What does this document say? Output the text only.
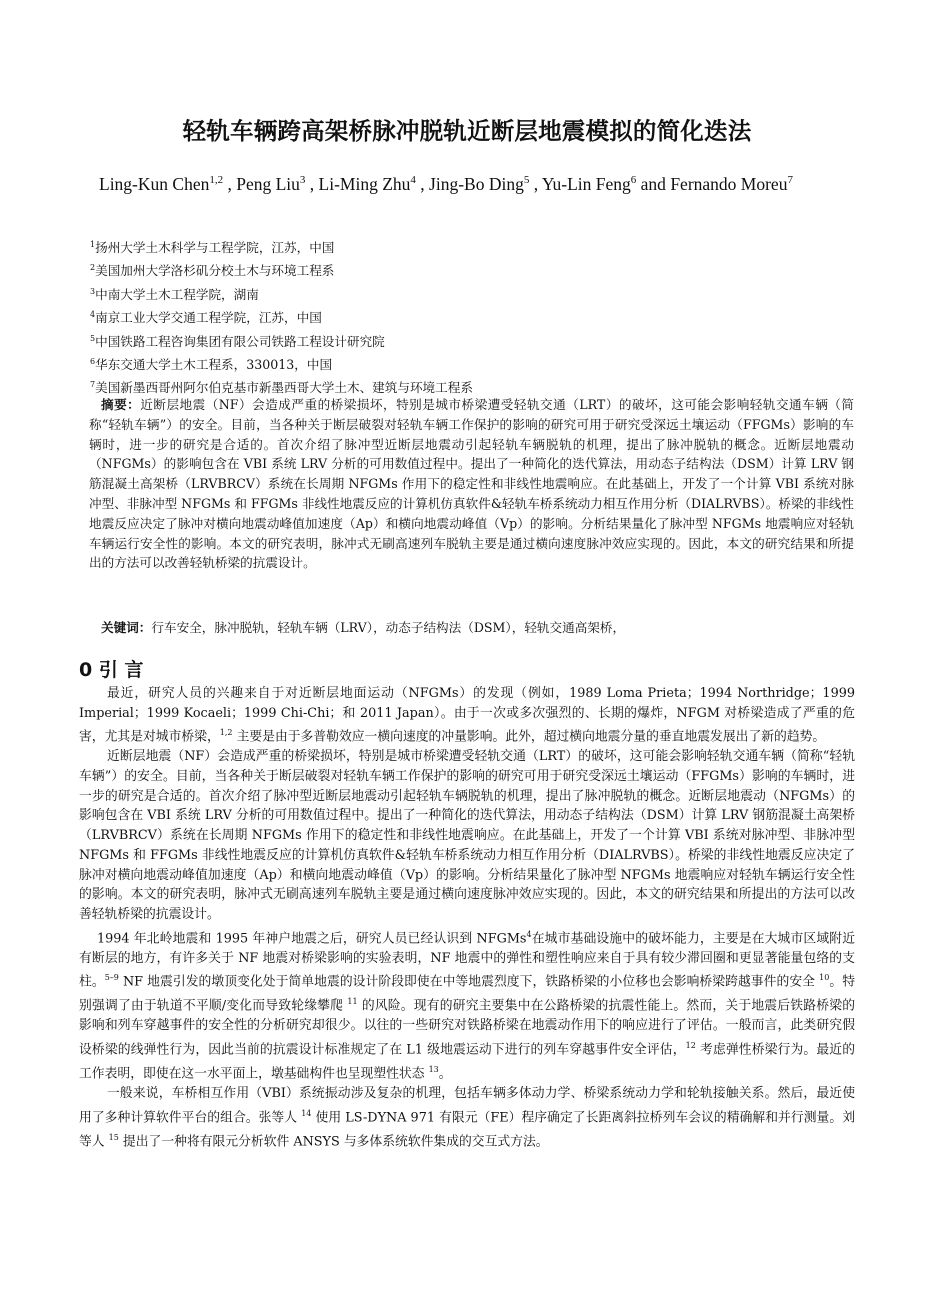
轻轨车辆跨高架桥脉冲脱轨近断层地震模拟的简化迭法
Ling-Kun Chen$^{1,2}$ , Peng Liu$^3$ , Li-Ming Zhu$^4$ , Jing-Bo Ding$^5$ , Yu-Lin Feng$^6$ and Fernando Moreu$^7$
$^1$扬州大学土木科学与工程学院，江苏，中国
$^2$美国加州大学洛杉矶分校土木与环境工程系
$^3$中南大学土木工程学院，湖南
$^4$南京工业大学交通工程学院，江苏，中国
$^5$中国铁路工程咨询集团有限公司铁路工程设计研究院
$^6$华东交通大学土木工程系，330013，中国
$^7$美国新墨西哥州阿尔伯克基市新墨西哥大学土木、建筑与环境工程系
摘要：近断层地震（NF）会造成严重的桥梁损坏，特别是城市桥梁遭受轻轨交通（LRT）的破坏，这可能会影响轻轨交通车辆（简称“轻轨车辆”）的安全。目前，当各种关于断层破裂对轻轨车辆工作保护的影响的研究可用于研究受深远土壤运动（FFGMs）影响的车辆时，进一步的研究是合适的。首次介绍了脉冲型近断层地震动引起轻轨车辆脱轨的机理，提出了脉冲脱轨的概念。近断层地震动（NFGMs）的影响包含在 VBI 系统 LRV 分析的可用数值过程中。提出了一种简化的迭代算法，用动态子结构法（DSM）计算 LRV 钢筋混凝土高架桥（LRVBRCV）系统在长周期 NFGMs 作用下的稳定性和非线性地震响应。在此基础上，开发了一个计算 VBI 系统对脉冲型、非脉冲型 NFGMs 和 FFGMs 非线性地震反应的计算机仿真软件&轻轨车桥系统动力相互作用分析（DIALRVBS）。桥梁的非线性地震反应决定了脉冲对横向地震动峰值加速度（Ap）和横向地震动峰值（Vp）的影响。分析结果量化了脉冲型 NFGMs 地震响应对轻轨车辆运行安全性的影响。本文的研究表明，脉冲式无刷高速列车脱轨主要是通过横向速度脉冲效应实现的。因此，本文的研究结果和所提出的方法可以改善轻轨桥梁的抗震设计。
关键词：行车安全，脉冲脱轨，轻轨车辆（LRV），动态子结构法（DSM），轻轨交通高架桥，
0 引 言

最近，研究人员的兴趣来自于对近断层地面运动（NFGMs）的发现（例如，1989 Loma Prieta；1994 Northridge；1999 Imperial；1999 Kocaeli；1999 Chi-Chi；和 2011 Japan）。由于一次或多次强烈的、长期的爆炸，NFGM 对桥梁造成了严重的危害，尤其是对城市桥梁，$^{1,2}$ 主要是由于多普勒效应一横向速度的冲量影响。此外，超过横向地震分量的垂直地震发展出了新的趋势。

近断层地震（NF）会造成严重的桥梁损坏，特别是城市桥梁遭受轻轨交通（LRT）的破坏，这可能会影响轻轨交通车辆（简称“轻轨车辆”）的安全。目前，当各种关于断层破裂对轻轨车辆工作保护的影响的研究可用于研究受深远土壤运动（FFGMs）影响的车辆时，进一步的研究是合适的。首次介绍了脉冲型近断层地震动引起轻轨车辆脱轨的机理，提出了脉冲脱轨的概念。近断层地震动（NFGMs）的影响包含在 VBI 系统 LRV 分析的可用数值过程中。提出了一种简化的迭代算法，用动态子结构法（DSM）计算 LRV 钢筋混凝土高架桥（LRVBRCV）系统在长周期 NFGMs 作用下的稳定性和非线性地震响应。在此基础上，开发了一个计算 VBI 系统对脉冲型、非脉冲型 NFGMs 和 FFGMs 非线性地震反应的计算机仿真软件&轻轨车桥系统动力相互作用分析（DIALRVBS）。桥梁的非线性地震反应决定了脉冲对横向地震动峰值加速度（Ap）和横向地震动峰值（Vp）的影响。分析结果量化了脉冲型 NFGMs 地震响应对轻轨车辆运行安全性的影响。本文的研究表明，脉冲式无刷高速列车脱轨主要是通过横向速度脉冲效应实现的。因此，本文的研究结果和所提出的方法可以改善轻轨桥梁的抗震设计。

1994 年北岭地震和 1995 年神户地震之后，研究人员已经认识到 NFGMs$^4$在城市基础设施中的破坏能力，主要是在大城市区域附近有断层的地方，有许多关于 NF 地震对桥梁影响的实验表明，NF 地震中的弹性和塑性响应来自于具有较少滞回圈和更显著能量包络的支柱。$^{5-9}$ NF 地震引发的墩顶变化处于简单地震的设计阶段即使在中等地震烈度下，铁路桥梁的小位移也会影响桥梁跨越事件的安全 $^{10}$。特别强调了由于轨道不平顺/变化而导致轮缘攀爬 $^{11}$ 的风险。现有的研究主要集中在公路桥梁的抗震性能上。然而，关于地震后铁路桥梁的影响和列车穿越事件的安全性的分析研究却很少。以往的一些研究对铁路桥梁在地震动作用下的响应进行了评估。一般而言，此类研究假设桥梁的线弹性行为，因此当前的抗震设计标准规定了在 L1 级地震运动下进行的列车穿越事件安全评估，$^{12}$ 考虑弹性桥梁行为。最近的工作表明，即使在这一水平面上，墩基础构件也呈现塑性状态 $^{13}$。

一般来说，车桥相互作用（VBI）系统振动涉及复杂的机理，包括车辆多体动力学、桥梁系统动力学和轮轨接触关系。然后，最近使用了多种计算软件平台的组合。张等人 $^{14}$ 使用 LS-DYNA 971 有限元（FE）程序确定了长距离斜拉桥列车会议的精确解和并行测量。刘等人 $^{15}$ 提出了一种将有限元分析软件 ANSYS 与多体系统软件集成的交互式方法。
